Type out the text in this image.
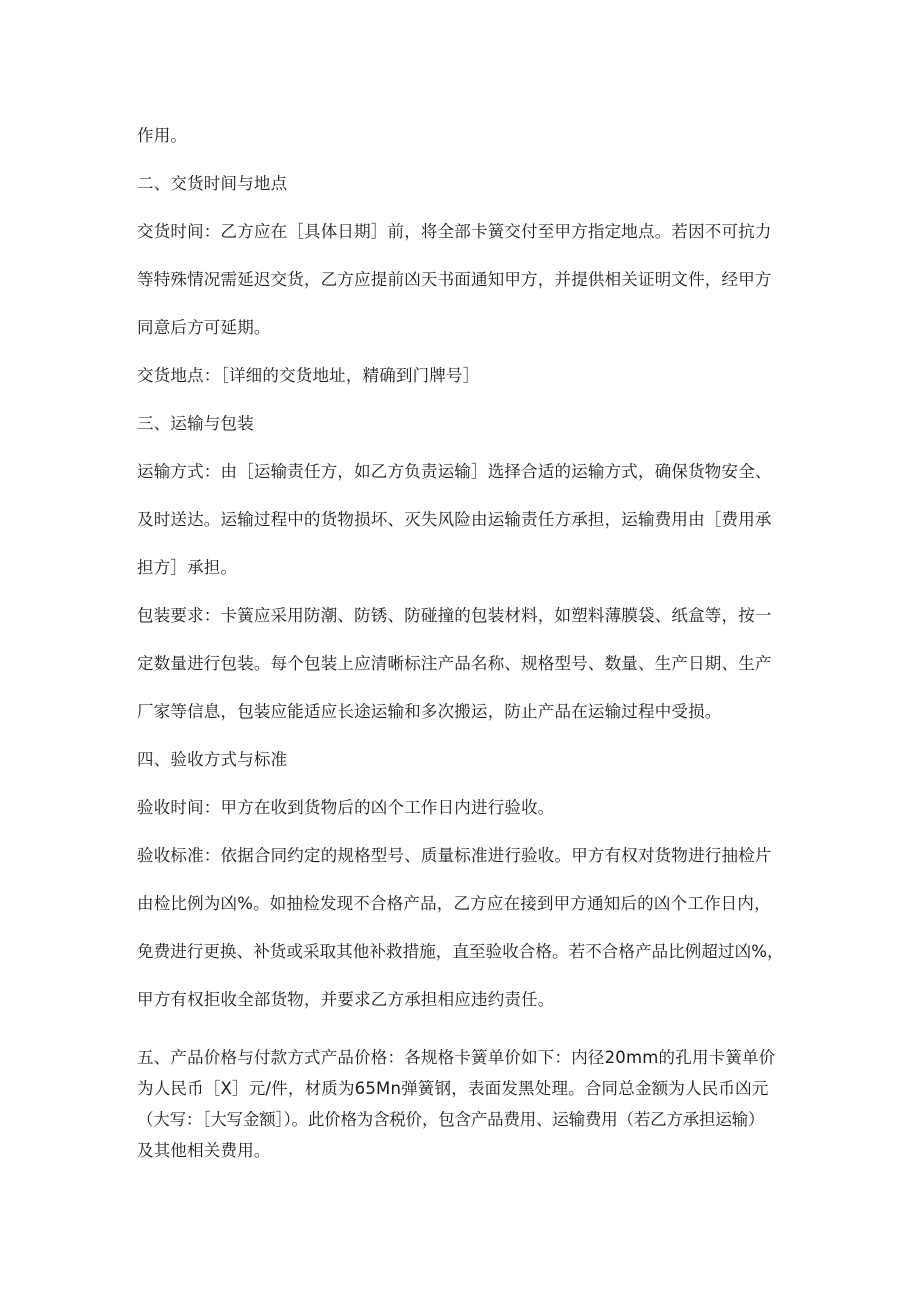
作用。
二、交货时间与地点
交货时间：乙方应在［具体日期］前，将全部卡簧交付至甲方指定地点。若因不可抗力
等特殊情况需延迟交货，乙方应提前凶天书面通知甲方，并提供相关证明文件，经甲方
同意后方可延期。
交货地点：［详细的交货地址，精确到门牌号］
三、运输与包装
运输方式：由［运输责任方，如乙方负责运输］选择合适的运输方式，确保货物安全、
及时送达。运输过程中的货物损坏、灭失风险由运输责任方承担，运输费用由［费用承
担方］承担。
包装要求：卡簧应采用防潮、防锈、防碰撞的包装材料，如塑料薄膜袋、纸盒等，按一
定数量进行包装。每个包装上应清晰标注产品名称、规格型号、数量、生产日期、生产
厂家等信息，包装应能适应长途运输和多次搬运，防止产品在运输过程中受损。
四、验收方式与标准
验收时间：甲方在收到货物后的凶个工作日内进行验收。
验收标准：依据合同约定的规格型号、质量标准进行验收。甲方有权对货物进行抽检片
由检比例为凶%。如抽检发现不合格产品，乙方应在接到甲方通知后的凶个工作日内，
免费进行更换、补货或采取其他补救措施，直至验收合格。若不合格产品比例超过凶%，
甲方有权拒收全部货物，并要求乙方承担相应违约责任。
五、产品价格与付款方式产品价格：各规格卡簧单价如下：内径20mm的孔用卡簧单价
为人民币［X］元/件，材质为65Mn弹簧钢，表面发黑处理。合同总金额为人民币凶元
（大写：［大写金额］）。此价格为含税价，包含产品费用、运输费用（若乙方承担运输）
及其他相关费用。
